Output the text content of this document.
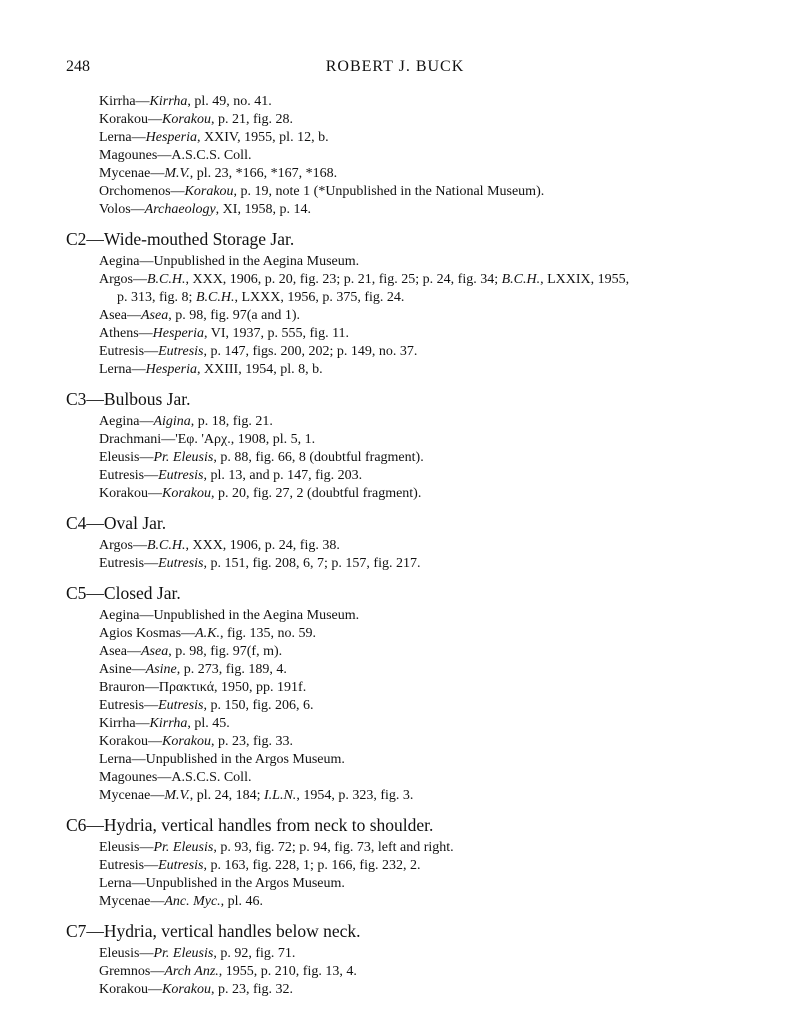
248	ROBERT J. BUCK
Kirrha—Kirrha, pl. 49, no. 41.
Korakou—Korakou, p. 21, fig. 28.
Lerna—Hesperia, XXIV, 1955, pl. 12, b.
Magounes—A.S.C.S. Coll.
Mycenae—M.V., pl. 23, *166, *167, *168.
Orchomenos—Korakou, p. 19, note 1 (*Unpublished in the National Museum).
Volos—Archaeology, XI, 1958, p. 14.
C2—Wide-mouthed Storage Jar.
Aegina—Unpublished in the Aegina Museum.
Argos—B.C.H., XXX, 1906, p. 20, fig. 23; p. 21, fig. 25; p. 24, fig. 34; B.C.H., LXXIX, 1955,
p. 313, fig. 8; B.C.H., LXXX, 1956, p. 375, fig. 24.
Asea—Asea, p. 98, fig. 97(a and 1).
Athens—Hesperia, VI, 1937, p. 555, fig. 11.
Eutresis—Eutresis, p. 147, figs. 200, 202; p. 149, no. 37.
Lerna—Hesperia, XXIII, 1954, pl. 8, b.
C3—Bulbous Jar.
Aegina—Aigina, p. 18, fig. 21.
Drachmani—'Εφ. 'Αρχ., 1908, pl. 5, 1.
Eleusis—Pr. Eleusis, p. 88, fig. 66, 8 (doubtful fragment).
Eutresis—Eutresis, pl. 13, and p. 147, fig. 203.
Korakou—Korakou, p. 20, fig. 27, 2 (doubtful fragment).
C4—Oval Jar.
Argos—B.C.H., XXX, 1906, p. 24, fig. 38.
Eutresis—Eutresis, p. 151, fig. 208, 6, 7; p. 157, fig. 217.
C5—Closed Jar.
Aegina—Unpublished in the Aegina Museum.
Agios Kosmas—A.K., fig. 135, no. 59.
Asea—Asea, p. 98, fig. 97(f, m).
Asine—Asine, p. 273, fig. 189, 4.
Brauron—Πρακτικά, 1950, pp. 191f.
Eutresis—Eutresis, p. 150, fig. 206, 6.
Kirrha—Kirrha, pl. 45.
Korakou—Korakou, p. 23, fig. 33.
Lerna—Unpublished in the Argos Museum.
Magounes—A.S.C.S. Coll.
Mycenae—M.V., pl. 24, 184; I.L.N., 1954, p. 323, fig. 3.
C6—Hydria, vertical handles from neck to shoulder.
Eleusis—Pr. Eleusis, p. 93, fig. 72; p. 94, fig. 73, left and right.
Eutresis—Eutresis, p. 163, fig. 228, 1; p. 166, fig. 232, 2.
Lerna—Unpublished in the Argos Museum.
Mycenae—Anc. Myc., pl. 46.
C7—Hydria, vertical handles below neck.
Eleusis—Pr. Eleusis, p. 92, fig. 71.
Gremnos—Arch Anz., 1955, p. 210, fig. 13, 4.
Korakou—Korakou, p. 23, fig. 32.
